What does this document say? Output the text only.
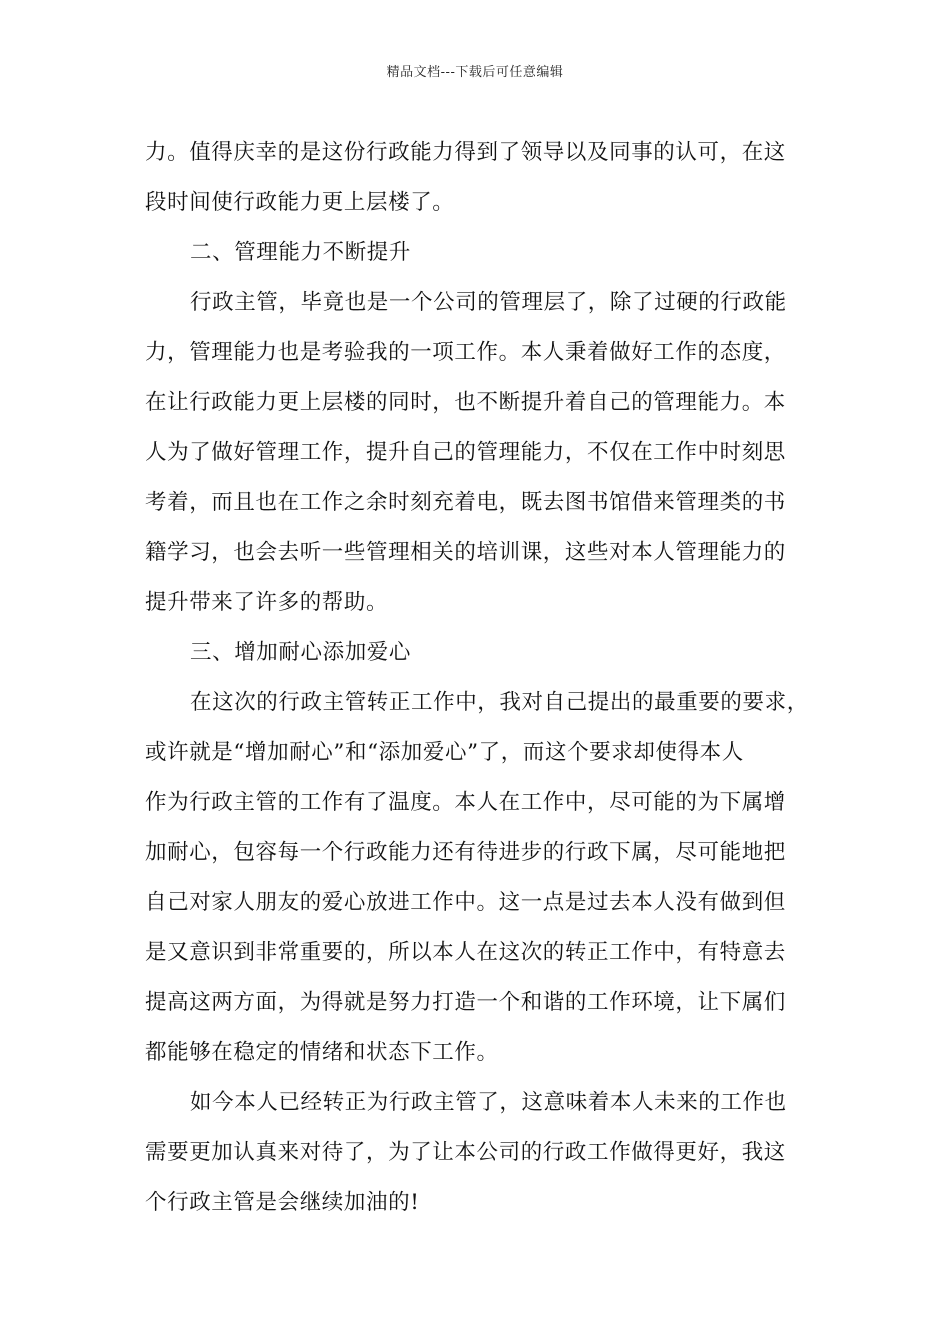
精品文档---下载后可任意编辑
力。值得庆幸的是这份行政能力得到了领导以及同事的认可，在这
段时间使行政能力更上层楼了。
二、管理能力不断提升
行政主管，毕竟也是一个公司的管理层了，除了过硬的行政能
力，管理能力也是考验我的一项工作。本人秉着做好工作的态度，
在让行政能力更上层楼的同时，也不断提升着自己的管理能力。本
人为了做好管理工作，提升自己的管理能力，不仅在工作中时刻思
考着，而且也在工作之余时刻充着电，既去图书馆借来管理类的书
籍学习，也会去听一些管理相关的培训课，这些对本人管理能力的
提升带来了许多的帮助。
三、增加耐心添加爱心
在这次的行政主管转正工作中，我对自己提出的最重要的要求，
或许就是“增加耐心”和“添加爱心”了，而这个要求却使得本人
作为行政主管的工作有了温度。本人在工作中，尽可能的为下属增
加耐心，包容每一个行政能力还有待进步的行政下属，尽可能地把
自己对家人朋友的爱心放进工作中。这一点是过去本人没有做到但
是又意识到非常重要的，所以本人在这次的转正工作中，有特意去
提高这两方面，为得就是努力打造一个和谐的工作环境，让下属们
都能够在稳定的情绪和状态下工作。
如今本人已经转正为行政主管了，这意味着本人未来的工作也
需要更加认真来对待了，为了让本公司的行政工作做得更好，我这
个行政主管是会继续加油的!
